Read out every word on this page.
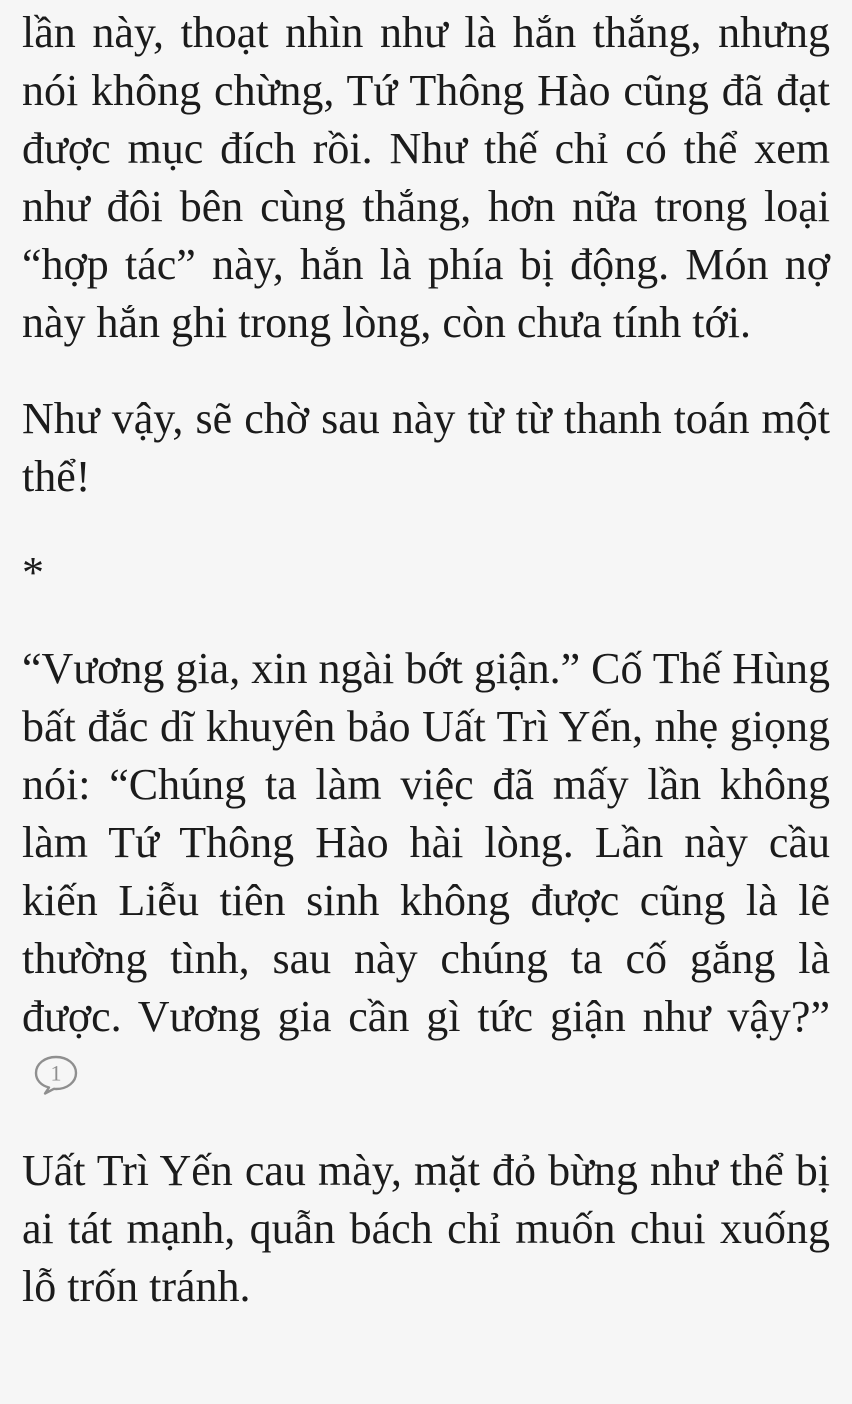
lần này, thoạt nhìn như là hắn thắng, nhưng nói không chừng, Tứ Thông Hào cũng đã đạt được mục đích rồi. Như thế chỉ có thể xem như đôi bên cùng thắng, hơn nữa trong loại “hợp tác” này, hắn là phía bị động. Món nợ này hắn ghi trong lòng, còn chưa tính tới.

Như vậy, sẽ chờ sau này từ từ thanh toán một thể!

*

“Vương gia, xin ngài bớt giận.” Cố Thế Hùng bất đắc dĩ khuyên bảo Uất Trì Yến, nhẹ giọng nói: “Chúng ta làm việc đã mấy lần không làm Tứ Thông Hào hài lòng. Lần này cầu kiến Liễu tiên sinh không được cũng là lẽ thường tình, sau này chúng ta cố gắng là được. Vương gia cần gì tức giận như vậy?”
1

Uất Trì Yến cau mày, mặt đỏ bừng như thể bị ai tát mạnh, quẫn bách chỉ muốn chui xuống lỗ trốn tránh.
